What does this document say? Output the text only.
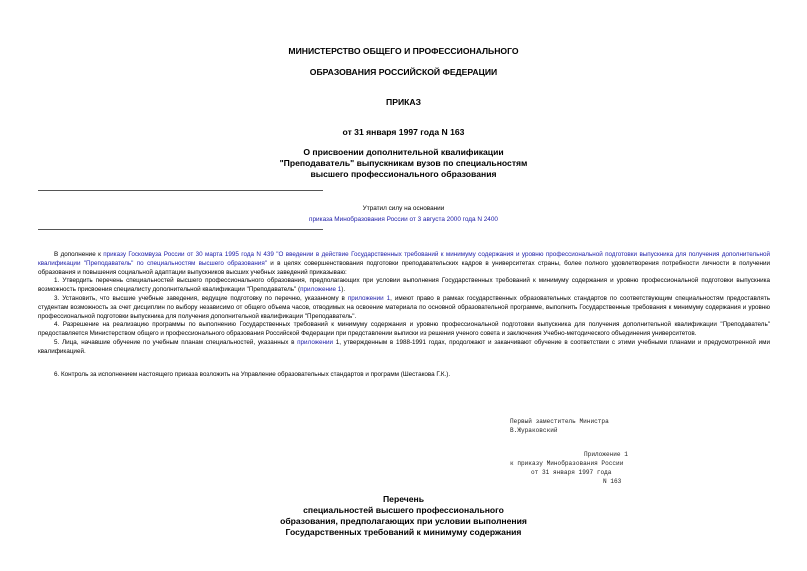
МИНИСТЕРСТВО ОБЩЕГО И ПРОФЕССИОНАЛЬНОГО
ОБРАЗОВАНИЯ РОССИЙСКОЙ ФЕДЕРАЦИИ
ПРИКАЗ
от 31 января 1997 года N 163
О присвоении дополнительной квалификации
"Преподаватель" выпускникам вузов по специальностям
высшего профессионального образования
Утратил силу на основании
приказа Минобразования России от 3 августа 2000 года N 2400

В дополнение к приказу Госкомвуза России от 30 марта 1995 года N 439 "О введении в действие Государственных требований к минимуму содержания и уровню профессиональной подготовки выпускника для получения дополнительной квалификации "Преподаватель" по специальностям высшего образования" и в целях совершенствования подготовки преподавательских кадров в университетах страны, более полного удовлетворения потребности личности в получении образования и повышения социальной адаптации выпускников высших учебных заведений приказываю:

1. Утвердить перечень специальностей высшего профессионального образования, предполагающих при условии выполнения Государственных требований к минимуму содержания и уровню профессиональной подготовки выпускника возможность присвоения специалисту дополнительной квалификации "Преподаватель" (приложение 1).

3. Установить, что высшие учебные заведения, ведущие подготовку по перечню, указанному в приложении 1, имеют право в рамках государственных образовательных стандартов по соответствующим специальностям предоставлять студентам возможность за счет дисциплин по выбору независимо от общего объема часов, отводимых на освоение материала по основной образовательной программе, выполнить Государственные требования к минимуму содержания и уровню профессиональной подготовки выпускника для получения дополнительной квалификации "Преподаватель".

4. Разрешение на реализацию программы по выполнению Государственных требований к минимуму содержания и уровню профессиональной подготовки выпускника для получения дополнительной квалификации "Преподаватель" предоставляется Министерством общего и профессионального образования Российской Федерации при представлении выписки из решения ученого совета и заключения Учебно-методического объединения университетов.

5. Лица, начавшие обучение по учебным планам специальностей, указанных в приложении 1, утвержденным в 1988-1991 годах, продолжают и заканчивают обучение в соответствии с этими учебными планами и предусмотренной ими квалификацией.

6. Контроль за исполнением настоящего приказа возложить на Управление образовательных стандартов и программ (Шестакова Г.К.).

Первый заместитель Министра
В.Жураковский
Приложение 1
к приказу Минобразования России
от 31 января 1997 года
N 163
Перечень
специальностей высшего профессионального
образования, предполагающих при условии выполнения
Государственных требований к минимуму содержания
